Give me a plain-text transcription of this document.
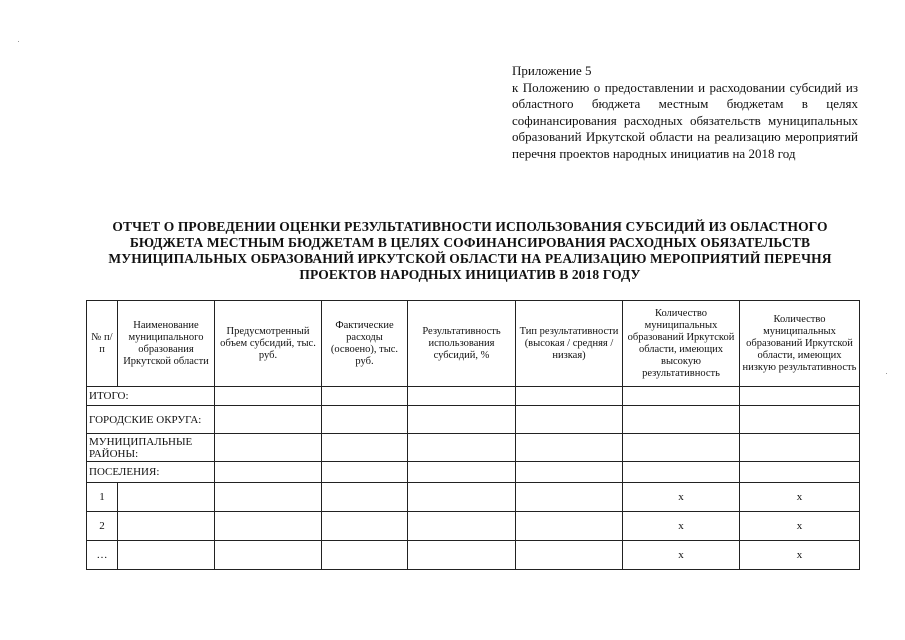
Приложение 5
к Положению о предоставлении и расходовании субсидий из областного бюджета местным бюджетам в целях софинансирования расходных обязательств муниципальных образований Иркутской области на реализацию мероприятий перечня проектов народных инициатив на 2018 год
ОТЧЕТ О ПРОВЕДЕНИИ ОЦЕНКИ РЕЗУЛЬТАТИВНОСТИ ИСПОЛЬЗОВАНИЯ СУБСИДИЙ ИЗ ОБЛАСТНОГО БЮДЖЕТА МЕСТНЫМ БЮДЖЕТАМ В ЦЕЛЯХ СОФИНАНСИРОВАНИЯ РАСХОДНЫХ ОБЯЗАТЕЛЬСТВ МУНИЦИПАЛЬНЫХ ОБРАЗОВАНИЙ ИРКУТСКОЙ ОБЛАСТИ НА РЕАЛИЗАЦИЮ МЕРОПРИЯТИЙ ПЕРЕЧНЯ ПРОЕКТОВ НАРОДНЫХ ИНИЦИАТИВ В 2018 ГОДУ
№ п/п	Наименование муниципального образования Иркутской области	Предусмотренный объем субсидий, тыс. руб.	Фактические расходы (освоено), тыс. руб.	Результативность использования субсидий, %	Тип результативности (высокая / средняя / низкая)	Количество муниципальных образований Иркутской области, имеющих высокую результативность	Количество муниципальных образований Иркутской области, имеющих низкую результативность
ИТОГО:							
ГОРОДСКИЕ ОКРУГА:							
МУНИЦИПАЛЬНЫЕ РАЙОНЫ:							
ПОСЕЛЕНИЯ:							
1						x	x
2						x	x
…						x	x
